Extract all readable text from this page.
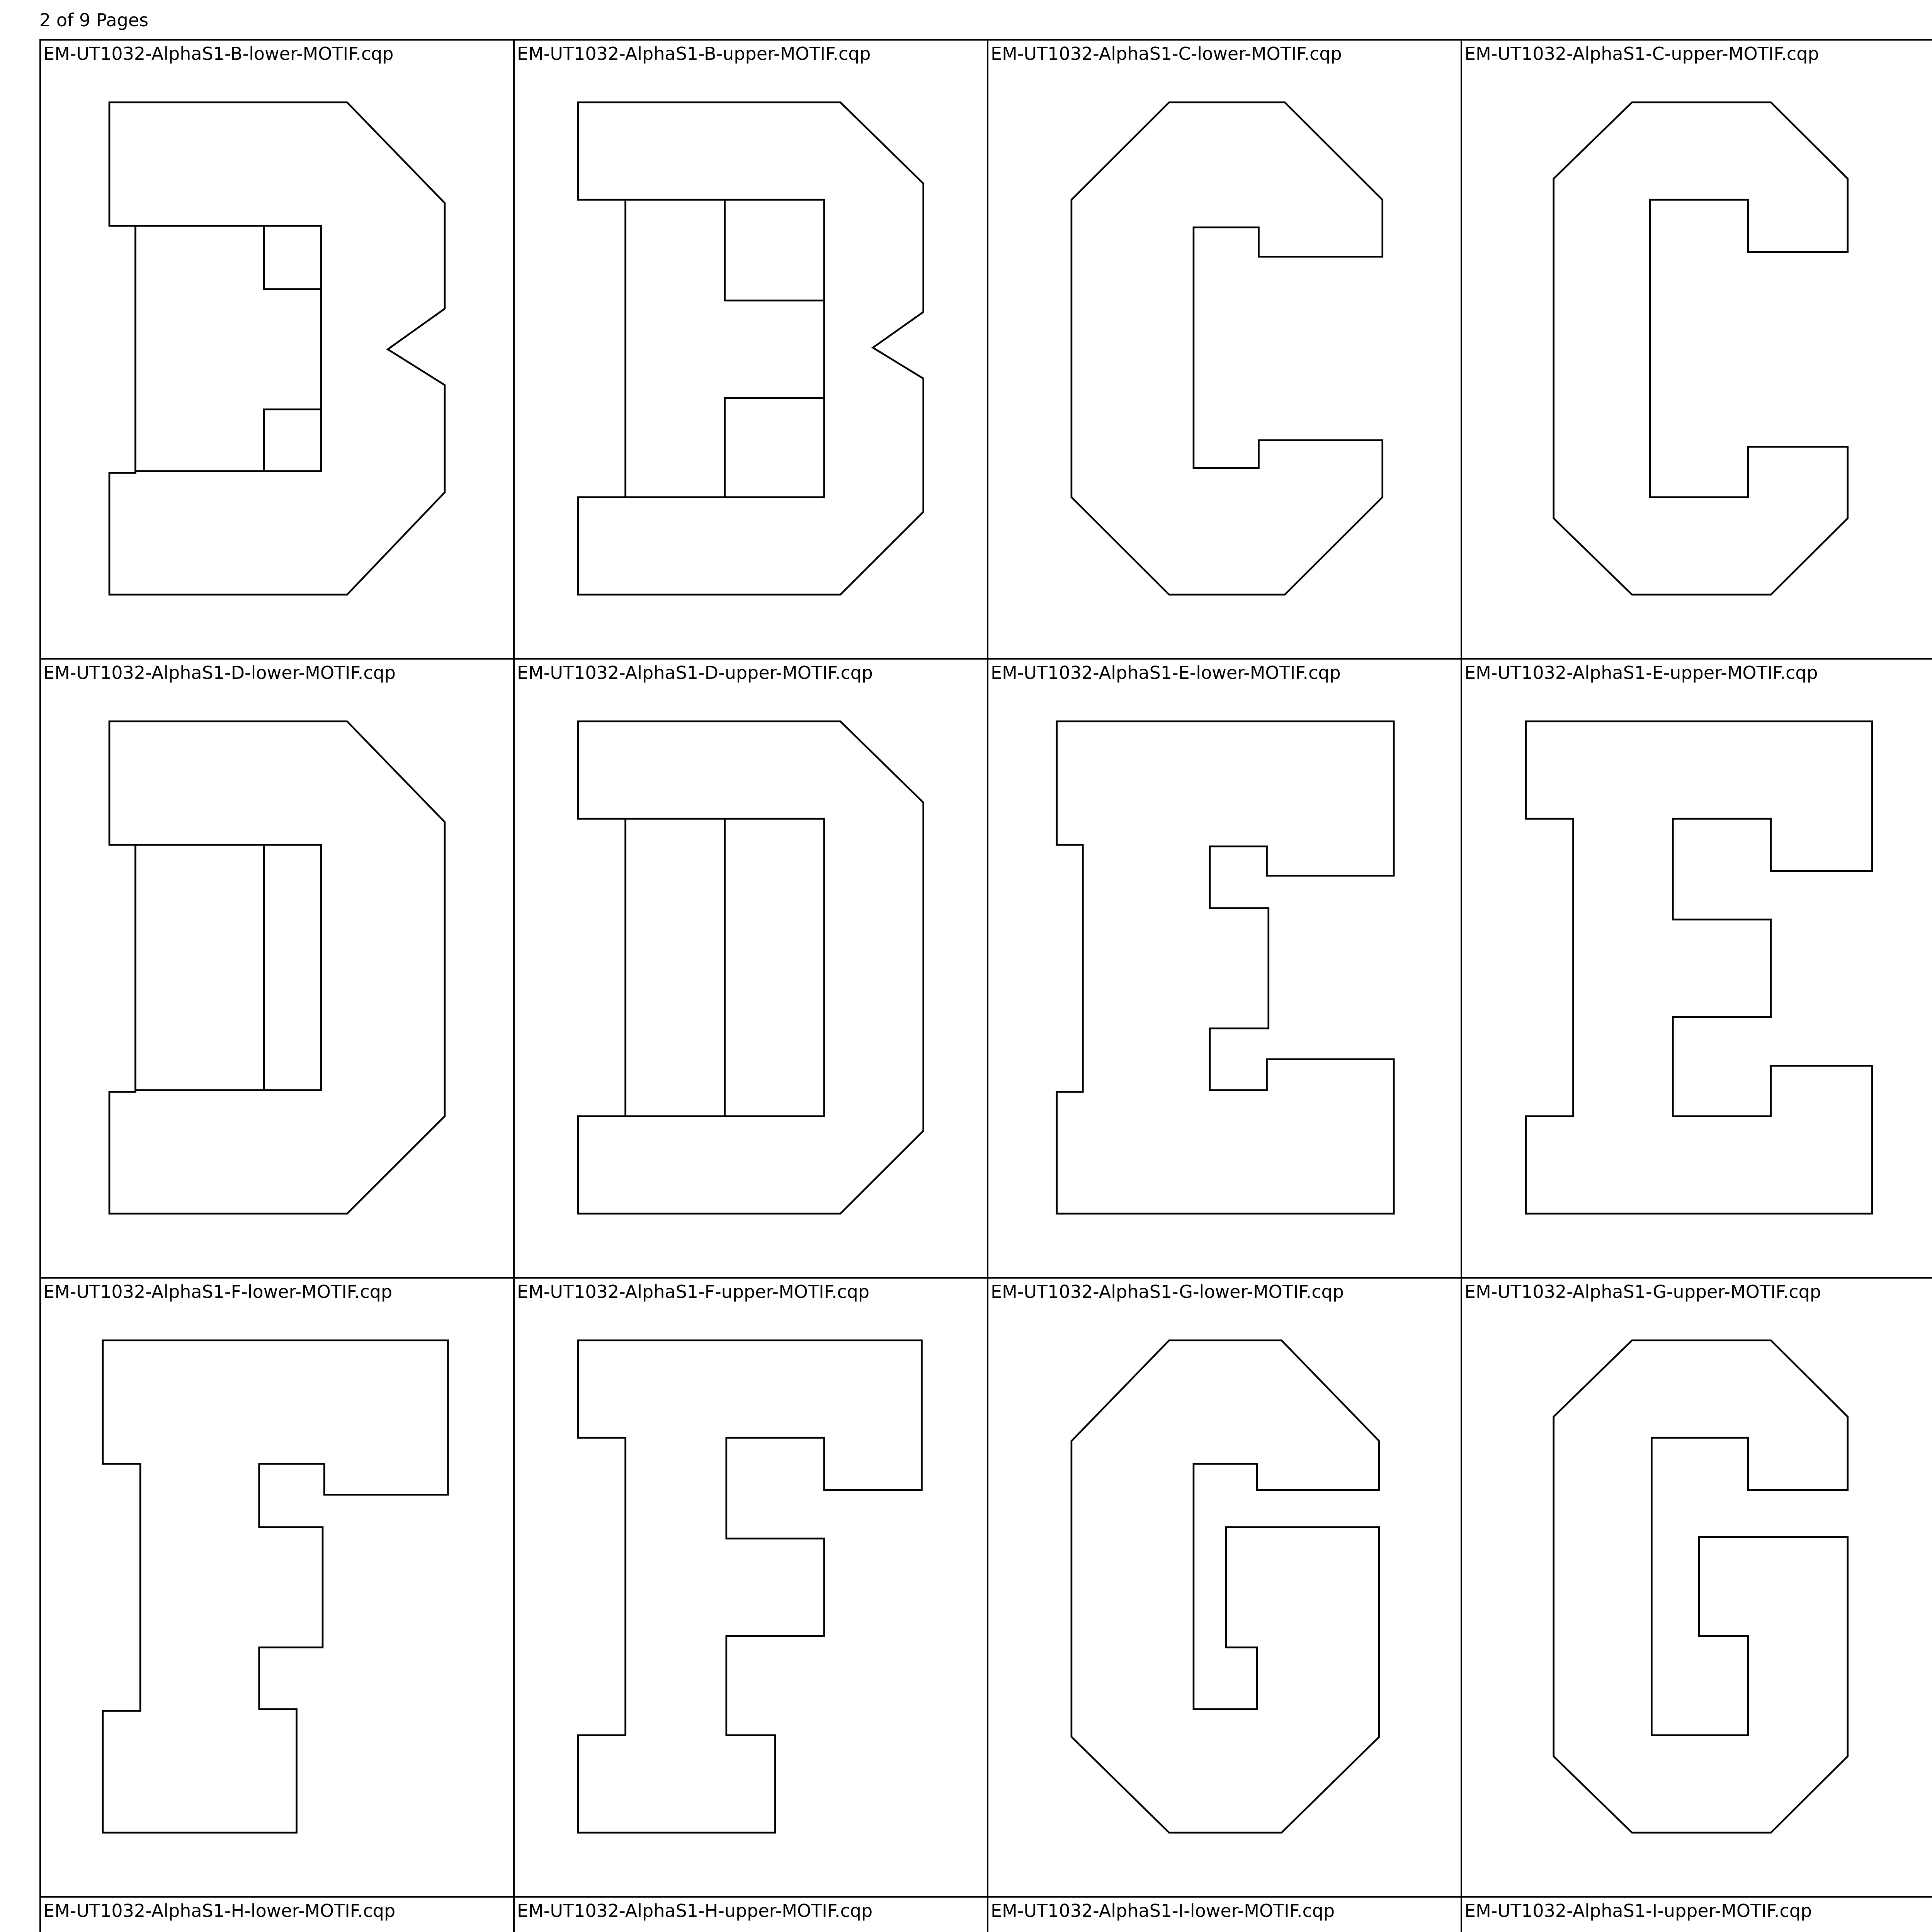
2 of 9 Pages
EM-UT1032-AlphaS1-B-lower-MOTIF.cqp	EM-UT1032-AlphaS1-B-upper-MOTIF.cqp	EM-UT1032-AlphaS1-C-lower-MOTIF.cqp	EM-UT1032-AlphaS1-C-upper-MOTIF.cqp
EM-UT1032-AlphaS1-D-lower-MOTIF.cqp	EM-UT1032-AlphaS1-D-upper-MOTIF.cqp	EM-UT1032-AlphaS1-E-lower-MOTIF.cqp	EM-UT1032-AlphaS1-E-upper-MOTIF.cqp
EM-UT1032-AlphaS1-F-lower-MOTIF.cqp	EM-UT1032-AlphaS1-F-upper-MOTIF.cqp	EM-UT1032-AlphaS1-G-lower-MOTIF.cqp	EM-UT1032-AlphaS1-G-upper-MOTIF.cqp
EM-UT1032-AlphaS1-H-lower-MOTIF.cqp	EM-UT1032-AlphaS1-H-upper-MOTIF.cqp	EM-UT1032-AlphaS1-I-lower-MOTIF.cqp	EM-UT1032-AlphaS1-I-upper-MOTIF.cqp
